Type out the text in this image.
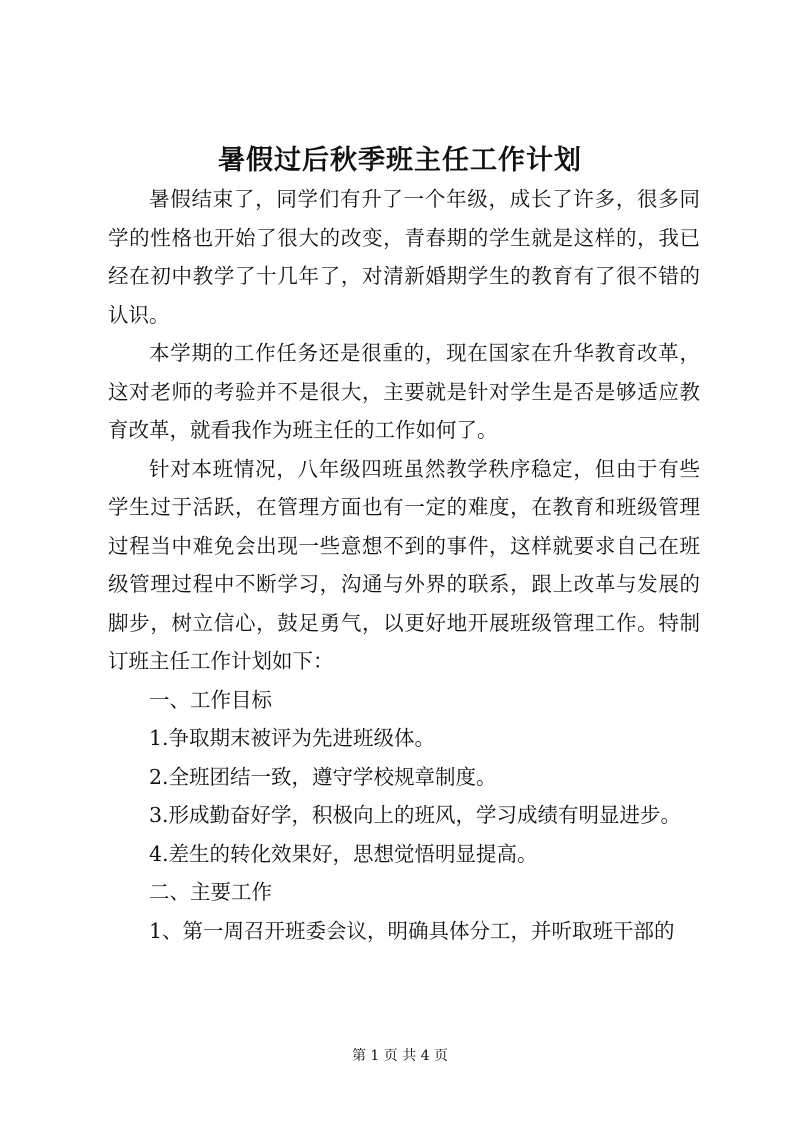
暑假过后秋季班主任工作计划

暑假结束了，同学们有升了一个年级，成长了许多，很多同学的性格也开始了很大的改变，青春期的学生就是这样的，我已经在初中教学了十几年了，对清新婚期学生的教育有了很不错的认识。

本学期的工作任务还是很重的，现在国家在升华教育改革，这对老师的考验并不是很大，主要就是针对学生是否是够适应教育改革，就看我作为班主任的工作如何了。

针对本班情况，八年级四班虽然教学秩序稳定，但由于有些学生过于活跃，在管理方面也有一定的难度，在教育和班级管理过程当中难免会出现一些意想不到的事件，这样就要求自己在班级管理过程中不断学习，沟通与外界的联系，跟上改革与发展的脚步，树立信心，鼓足勇气，以更好地开展班级管理工作。特制订班主任工作计划如下：

一、工作目标

1.争取期末被评为先进班级体。

2.全班团结一致，遵守学校规章制度。

3.形成勤奋好学，积极向上的班风，学习成绩有明显进步。

4.差生的转化效果好，思想觉悟明显提高。

二、主要工作

1、第一周召开班委会议，明确具体分工，并听取班干部的

第 1 页 共 4 页
